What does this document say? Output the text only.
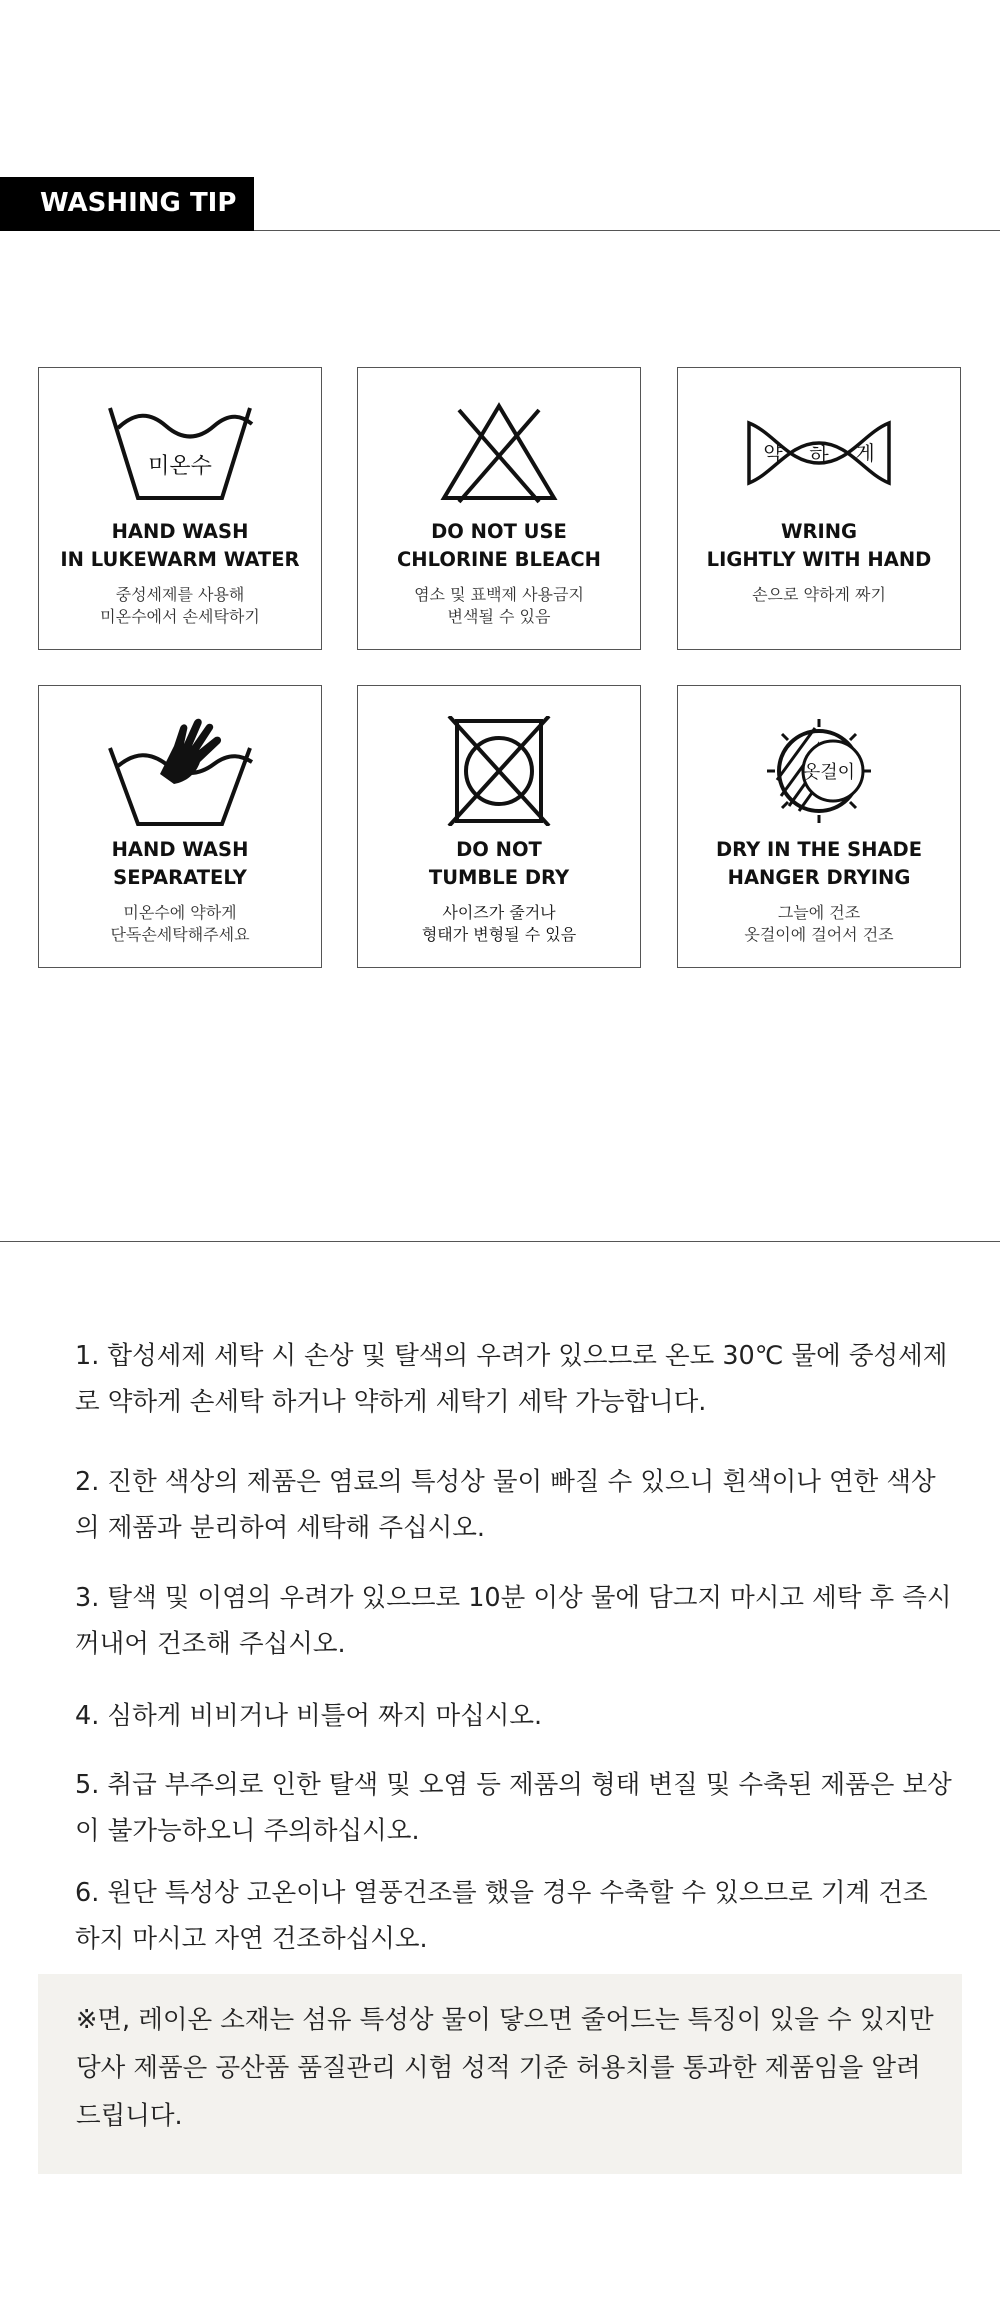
WASHING TIP
미온수
HAND WASH
IN LUKEWARM WATER
중성세제를 사용해
미온수에서 손세탁하기
DO NOT USE
CHLORINE BLEACH
염소 및 표백제 사용금지
변색될 수 있음
약 하 게
WRING
LIGHTLY WITH HAND
손으로 약하게 짜기
HAND WASH
SEPARATELY
미온수에 약하게
단독손세탁해주세요
DO NOT
TUMBLE DRY
사이즈가 줄거나
형태가 변형될 수 있음
옷걸이
DRY IN THE SHADE
HANGER DRYING
그늘에 건조
옷걸이에 걸어서 건조
1. 합성세제 세탁 시 손상 및 탈색의 우려가 있으므로 온도 30℃ 물에 중성세제
로 약하게 손세탁 하거나 약하게 세탁기 세탁 가능합니다.
2. 진한 색상의 제품은 염료의 특성상 물이 빠질 수 있으니 흰색이나 연한 색상
의 제품과 분리하여 세탁해 주십시오.
3. 탈색 및 이염의 우려가 있으므로 10분 이상 물에 담그지 마시고 세탁 후 즉시
꺼내어 건조해 주십시오.
4. 심하게 비비거나 비틀어 짜지 마십시오.
5. 취급 부주의로 인한 탈색 및 오염 등 제품의 형태 변질 및 수축된 제품은 보상
이 불가능하오니 주의하십시오.
6. 원단 특성상 고온이나 열풍건조를 했을 경우 수축할 수 있으므로 기계 건조
하지 마시고 자연 건조하십시오.
※면, 레이온 소재는 섬유 특성상 물이 닿으면 줄어드는 특징이 있을 수 있지만
당사 제품은 공산품 품질관리 시험 성적 기준 허용치를 통과한 제품임을 알려
드립니다.
